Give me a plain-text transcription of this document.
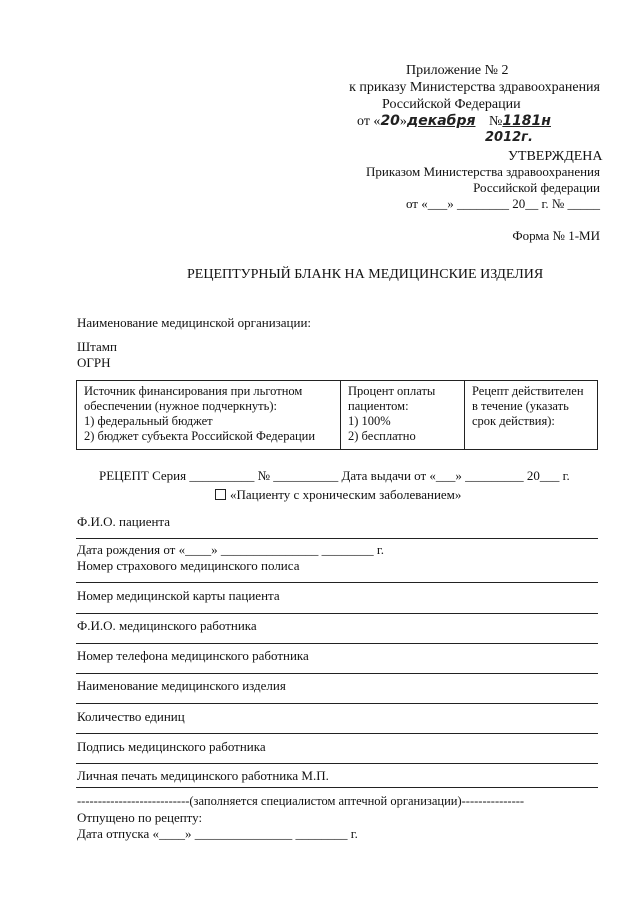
Приложение № 2
к приказу Министерства здравоохранения
Российской Федерации
от «20»декабря №1181н
2012г.
УТВЕРЖДЕНА
Приказом Министерства здравоохранения
Российской федерации
от «___» ________ 20__ г. № _____
Форма № 1-МИ
РЕЦЕПТУРНЫЙ БЛАНК НА МЕДИЦИНСКИЕ ИЗДЕЛИЯ
Наименование медицинской организации:
Штамп
ОГРН
Источник финансирования при льготном
обеспечении (нужное подчеркнуть):
1) федеральный бюджет
2) бюджет субъекта Российской Федерации

Процент оплаты
пациентом:
1) 100%
2) бесплатно

Рецепт действителен
в течение (указать
срок действия):
РЕЦЕПТ Серия __________ № __________ Дата выдачи от «___» _________ 20___ г.
«Пациенту с хроническим заболеванием»
Ф.И.О. пациента
Дата рождения от «____» _______________ ________ г.
Номер страхового медицинского полиса
Номер медицинской карты пациента
Ф.И.О. медицинского работника
Номер телефона медицинского работника
Наименование медицинского изделия
Количество единиц
Подпись медицинского работника
Личная печать медицинского работника М.П.
---------------------------(заполняется специалистом аптечной организации)---------------
Отпущено по рецепту:
Дата отпуска «____» _______________ ________ г.
